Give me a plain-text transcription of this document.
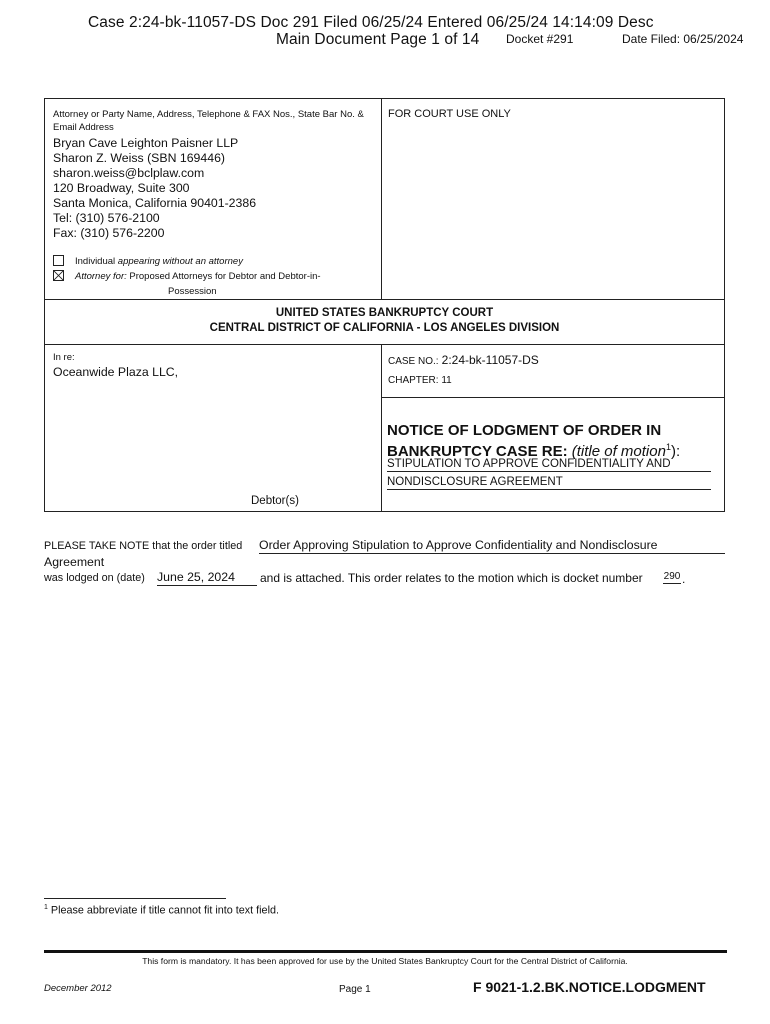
Case 2:24-bk-11057-DS Doc 291 Filed 06/25/24 Entered 06/25/24 14:14:09 Desc
Main Document Page 1 of 14 Docket #291	Date Filed: 06/25/2024
Attorney or Party Name, Address, Telephone & FAX Nos., State Bar No. & Email Address
Bryan Cave Leighton Paisner LLP
Sharon Z. Weiss (SBN 169446)
sharon.weiss@bclplaw.com
120 Broadway, Suite 300
Santa Monica, California 90401-2386
Tel: (310) 576-2100
Fax: (310) 576-2200
Individual appearing without an attorney
Attorney for: Proposed Attorneys for Debtor and Debtor-in-
Possession
FOR COURT USE ONLY
UNITED STATES BANKRUPTCY COURT
CENTRAL DISTRICT OF CALIFORNIA - LOS ANGELES DIVISION
In re:
Oceanwide Plaza LLC,
Debtor(s)
CASE NO.: 2:24-bk-11057-DS
CHAPTER: 11
NOTICE OF LODGMENT OF ORDER IN
BANKRUPTCY CASE RE: (title of motion$^1$):
STIPULATION TO APPROVE CONFIDENTIALITY AND
NONDISCLOSURE AGREEMENT
PLEASE TAKE NOTE that the order titled Order Approving Stipulation to Approve Confidentiality and Nondisclosure
Agreement
was lodged on (date) June 25, 2024	and is attached. This order relates to the motion which is docket number 290 .
$^1$ Please abbreviate if title cannot fit into text field.
This form is mandatory. It has been approved for use by the United States Bankruptcy Court for the Central District of California.
December 2012	Page 1	F 9021-1.2.BK.NOTICE.LODGMENT
